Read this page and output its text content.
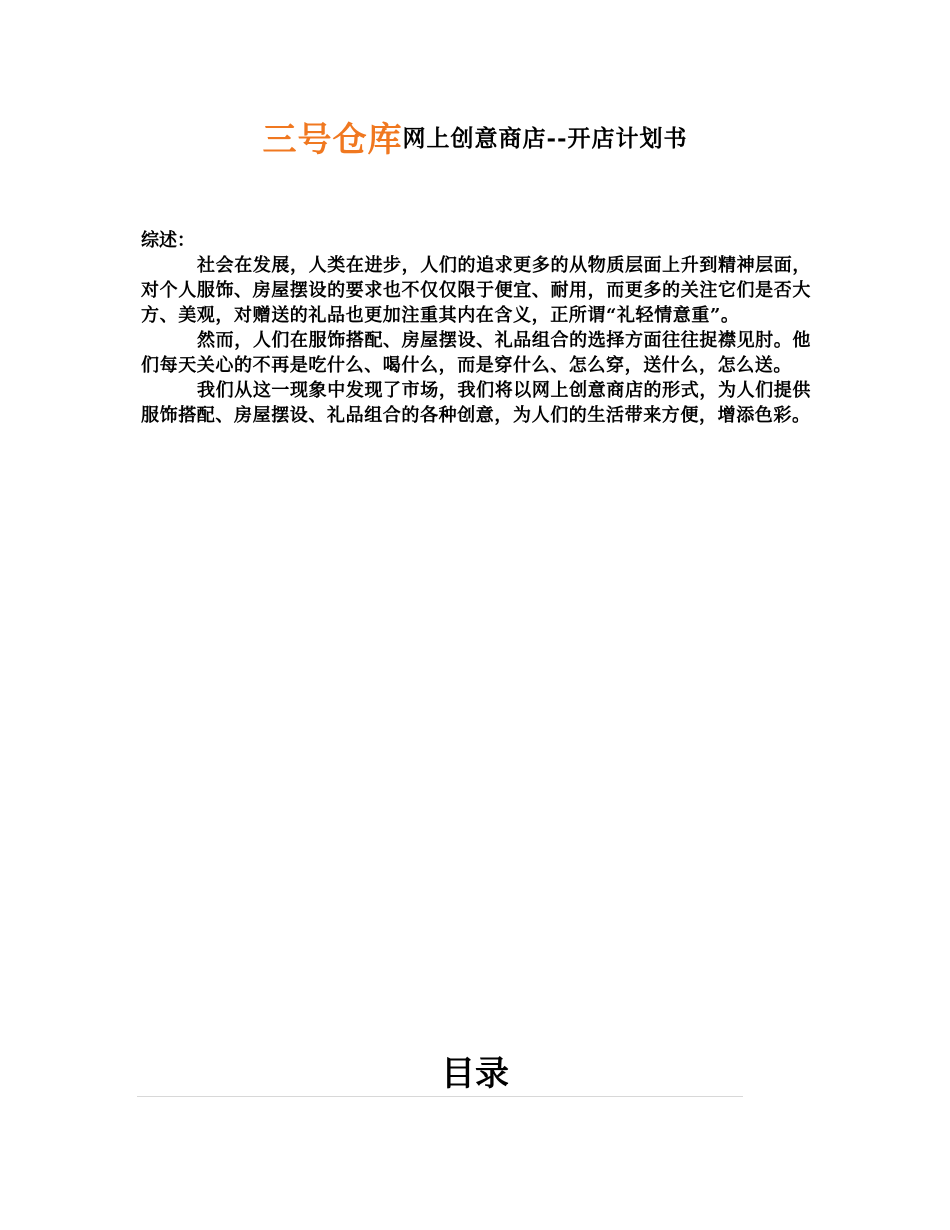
三号仓库网上创意商店--开店计划书

综述：

社会在发展，人类在进步，人们的追求更多的从物质层面上升到精神层面，对个人服饰、房屋摆设的要求也不仅仅限于便宜、耐用，而更多的关注它们是否大方、美观，对赠送的礼品也更加注重其内在含义，正所谓“礼轻情意重”。

然而，人们在服饰搭配、房屋摆设、礼品组合的选择方面往往捉襟见肘。他们每天关心的不再是吃什么、喝什么，而是穿什么、怎么穿，送什么，怎么送。

我们从这一现象中发现了市场，我们将以网上创意商店的形式，为人们提供服饰搭配、房屋摆设、礼品组合的各种创意，为人们的生活带来方便，增添色彩。

目录
